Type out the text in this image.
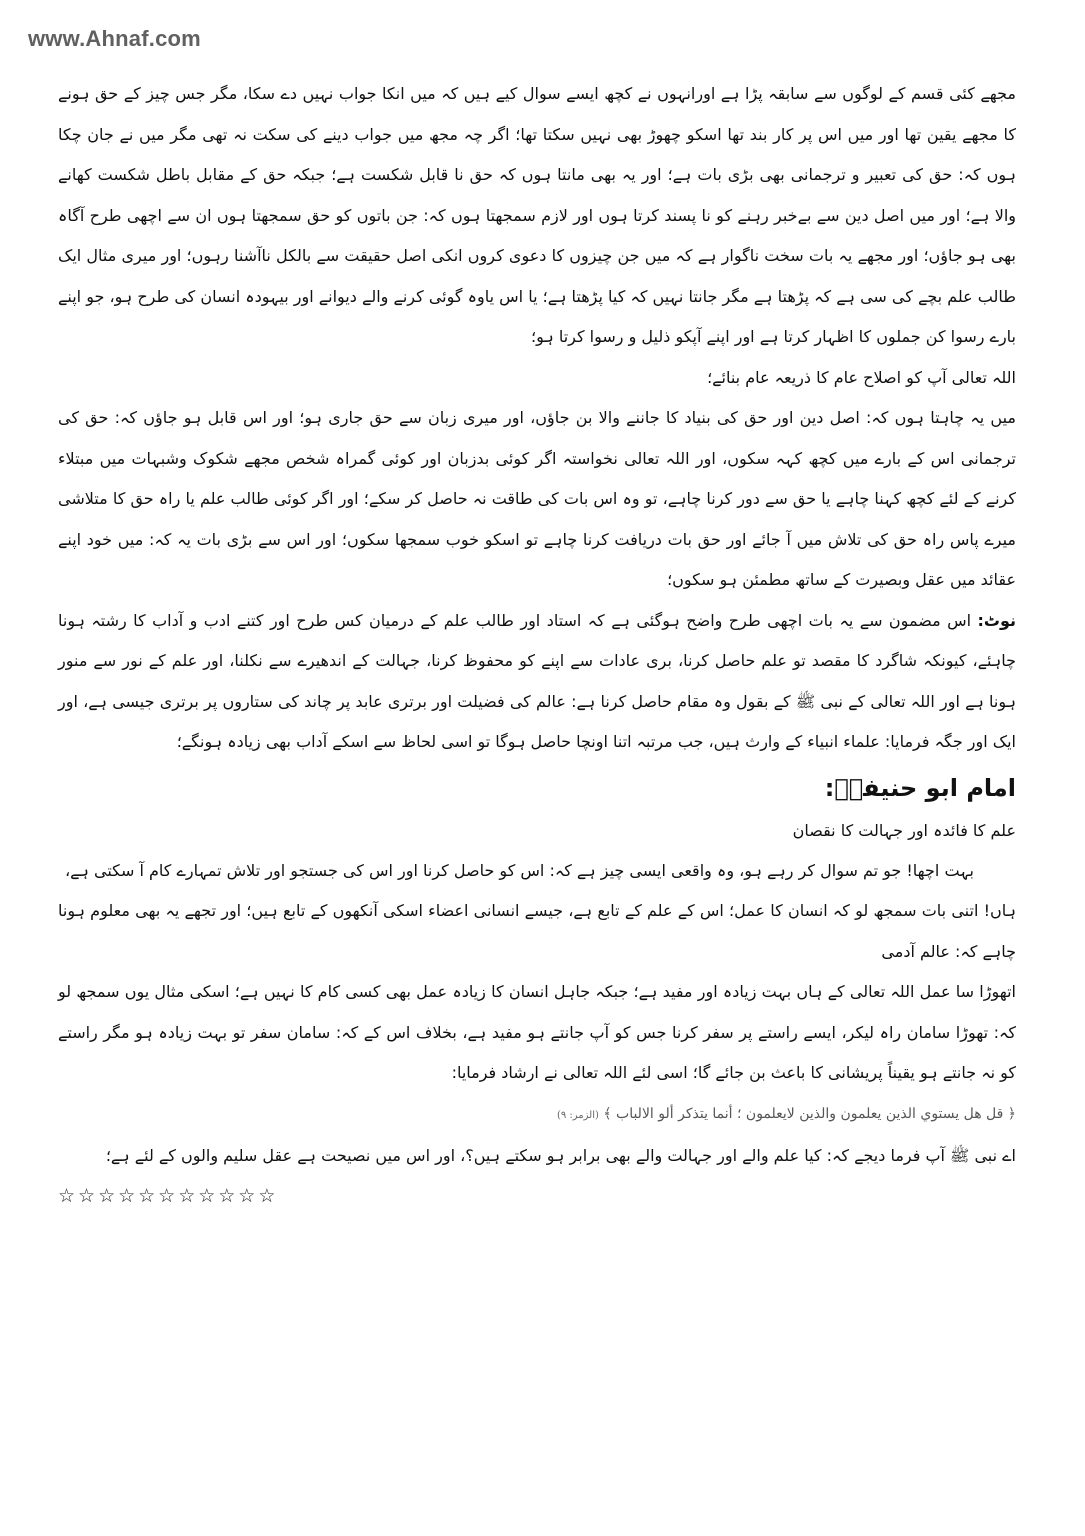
www.Ahnaf.com

مجھے کئی قسم کے لوگوں سے سابقہ پڑا ہے اورانہوں نے کچھ ایسے سوال کیے ہیں کہ میں انکا جواب نہیں دے سکا، مگر جس چیز کے حق ہونے کا مجھے یقین تھا اور میں اس پر کار بند تھا اسکو چھوڑ بھی نہیں سکتا تھا؛ اگر چہ مجھ میں جواب دینے کی سکت نہ تھی مگر میں نے جان چکا ہوں کہ: حق کی تعبیر و ترجمانی بھی بڑی بات ہے؛ اور یہ بھی مانتا ہوں کہ حق نا قابل شکست ہے؛ جبکہ حق کے مقابل باطل شکست کھانے والا ہے؛ اور میں اصل دین سے بےخبر رہنے کو نا پسند کرتا ہوں اور لازم سمجھتا ہوں کہ: جن باتوں کو حق سمجھتا ہوں ان سے اچھی طرح آگاہ بھی ہو جاؤں؛ اور مجھے یہ بات سخت ناگوار ہے کہ میں جن چیزوں کا دعوی کروں انکی اصل حقیقت سے بالکل ناآشنا رہوں؛ اور میری مثال ایک طالب علم بچے کی سی ہے کہ پڑھتا ہے مگر جانتا نہیں کہ کیا پڑھتا ہے؛ یا اس یاوہ گوئی کرنے والے دیوانے اور بیہودہ انسان کی طرح ہو، جو اپنے بارے رسوا کن جملوں کا اظہار کرتا ہے اور اپنے آپکو ذلیل و رسوا کرتا ہو؛

اللہ تعالی آپ کو اصلاح عام کا ذریعہ عام بنائے؛

میں یہ چاہتا ہوں کہ: اصل دین اور حق کی بنیاد کا جاننے والا بن جاؤں، اور میری زبان سے حق جاری ہو؛ اور اس قابل ہو جاؤں کہ: حق کی ترجمانی اس کے بارے میں کچھ کہہ سکوں، اور اللہ تعالی نخواستہ اگر کوئی بدزبان اور کوئی گمراہ شخص مجھے شکوک وشبہات میں مبتلاء کرنے کے لئے کچھ کہنا چاہے یا حق سے دور کرنا چاہے، تو وہ اس بات کی طاقت نہ حاصل کر سکے؛ اور اگر کوئی طالب علم یا راہ حق کا متلاشی میرے پاس راہ حق کی تلاش میں آ جائے اور حق بات دریافت کرنا چاہے تو اسکو خوب سمجھا سکوں؛ اور اس سے بڑی بات یہ کہ: میں خود اپنے عقائد میں عقل وبصیرت کے ساتھ مطمئن ہو سکوں؛

نوٹ: اس مضمون سے یہ بات اچھی طرح واضح ہوگئی ہے کہ استاد اور طالب علم کے درمیان کس طرح اور کتنے ادب و آداب کا رشتہ ہونا چاہئے، کیونکہ شاگرد کا مقصد تو علم حاصل کرنا، بری عادات سے اپنے کو محفوظ کرنا، جہالت کے اندھیرے سے نکلنا، اور علم کے نور سے منور ہونا ہے اور اللہ تعالی کے نبی ﷺ کے بقول وہ مقام حاصل کرنا ہے: عالم کی فضیلت اور برتری عابد پر چاند کی ستاروں پر برتری جیسی ہے، اور ایک اور جگہ فرمایا: علماء انبیاء کے وارث ہیں، جب مرتبہ اتنا اونچا حاصل ہوگا تو اسی لحاظ سے اسکے آداب بھی زیادہ ہونگے؛

امام ابو حنیفہؒ:
علم کا فائدہ اور جہالت کا نقصان

بہت اچھا! جو تم سوال کر رہے ہو، وہ واقعی ایسی چیز ہے کہ: اس کو حاصل کرنا اور اس کی جستجو اور تلاش تمہارے کام آ سکتی ہے،

ہاں! اتنی بات سمجھ لو کہ انسان کا عمل؛ اس کے علم کے تابع ہے، جیسے انسانی اعضاء اسکی آنکھوں کے تابع ہیں؛ اور تجھے یہ بھی معلوم ہونا چاہے کہ: عالم آدمی

اتھوڑا سا عمل اللہ تعالی کے ہاں بہت زیادہ اور مفید ہے؛ جبکہ جاہل انسان کا زیادہ عمل بھی کسی کام کا نہیں ہے؛ اسکی مثال یوں سمجھ لو کہ: تھوڑا سامان راہ لیکر، ایسے راستے پر سفر کرنا جس کو آپ جانتے ہو مفید ہے، بخلاف اس کے کہ: سامان سفر تو بہت زیادہ ہو مگر راستے کو نہ جانتے ہو یقیناً پریشانی کا باعث بن جائے گا؛ اسی لئے اللہ تعالی نے ارشاد فرمایا:

﴿ قل هل يستوي الذين يعلمون والذين لايعلمون ؛ أنما يتذكر ألو الالباب ﴾ (الزمر: ۹)

اے نبی ﷺ آپ فرما دیجے کہ: کیا علم والے اور جہالت والے بھی برابر ہو سکتے ہیں؟، اور اس میں نصیحت ہے عقل سلیم والوں کے لئے ہے؛

☆☆☆☆☆☆☆☆☆☆☆
